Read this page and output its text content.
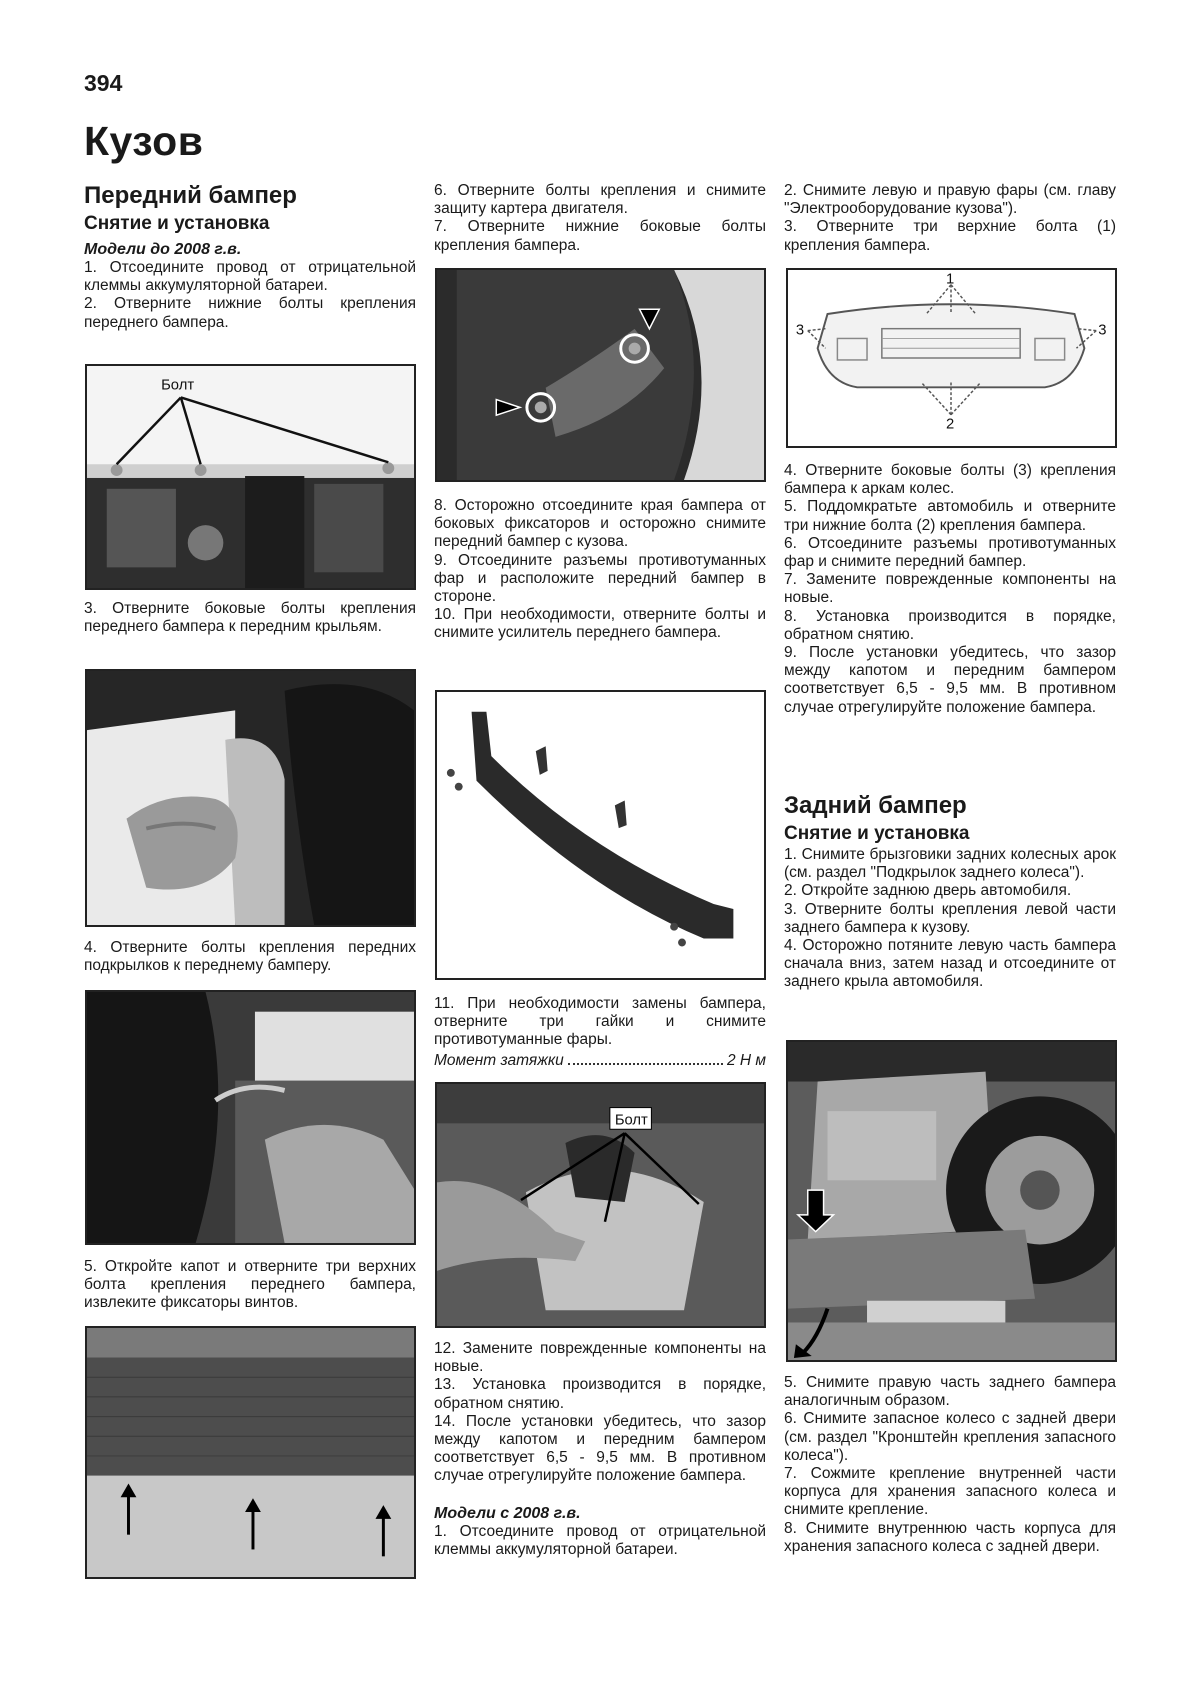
394
Кузов
Передний бампер
Снятие и установка
Модели до 2008 г.в.

1. Отсоедините провод от отрицательной клеммы аккумуляторной батареи.

2. Отверните нижние болты крепления переднего бампера.

Болт
3. Отверните боковые болты крепления переднего бампера к передним крыльям.
4. Отверните болты крепления передних подкрылков к переднему бамперу.
5. Откройте капот и отверните три верхних болта крепления переднего бампера, извлеките фиксаторы винтов.

6. Отверните болты крепления и снимите защиту картера двигателя.

7. Отверните нижние боковые болты крепления бампера.

8. Осторожно отсоедините края бампера от боковых фиксаторов и осторожно снимите передний бампер с кузова.

9. Отсоедините разъемы противотуманных фар и расположите передний бампер в стороне.

10. При необходимости, отверните болты и снимите усилитель переднего бампера.

11. При необходимости замены бампера, отверните три гайки и снимите противотуманные фары.
Момент затяжки	2 Н м
Болт

12. Замените поврежденные компоненты на новые.

13. Установка производится в порядке, обратном снятию.

14. После установки убедитесь, что зазор между капотом и передним бампером соответствует 6,5 - 9,5 мм. В противном случае отрегулируйте положение бампера.

Модели с 2008 г.в.
1. Отсоедините провод от отрицательной клеммы аккумуляторной батареи.

2. Снимите левую и правую фары (см. главу "Электрооборудование кузова").

3. Отверните три верхние болта (1) крепления бампера.

1
2
3	3

4. Отверните боковые болты (3) крепления бампера к аркам колес.

5. Поддомкратьте автомобиль и отверните три нижние болта (2) крепления бампера.

6. Отсоедините разъемы противотуманных фар и снимите передний бампер.

7. Замените поврежденные компоненты на новые.

8. Установка производится в порядке, обратном снятию.

9. После установки убедитесь, что зазор между капотом и передним бампером соответствует 6,5 - 9,5 мм. В противном случае отрегулируйте положение бампера.

Задний бампер
Снятие и установка

1. Снимите брызговики задних колесных арок (см. раздел "Подкрылок заднего колеса").

2. Откройте заднюю дверь автомобиля.

3. Отверните болты крепления левой части заднего бампера к кузову.

4. Осторожно потяните левую часть бампера сначала вниз, затем назад и отсоедините от заднего крыла автомобиля.

5. Снимите правую часть заднего бампера аналогичным образом.

6. Снимите запасное колесо с задней двери (см. раздел "Кронштейн крепления запасного колеса").

7. Сожмите крепление внутренней части корпуса для хранения запасного колеса и снимите крепление.

8. Снимите внутреннюю часть корпуса для хранения запасного колеса с задней двери.
